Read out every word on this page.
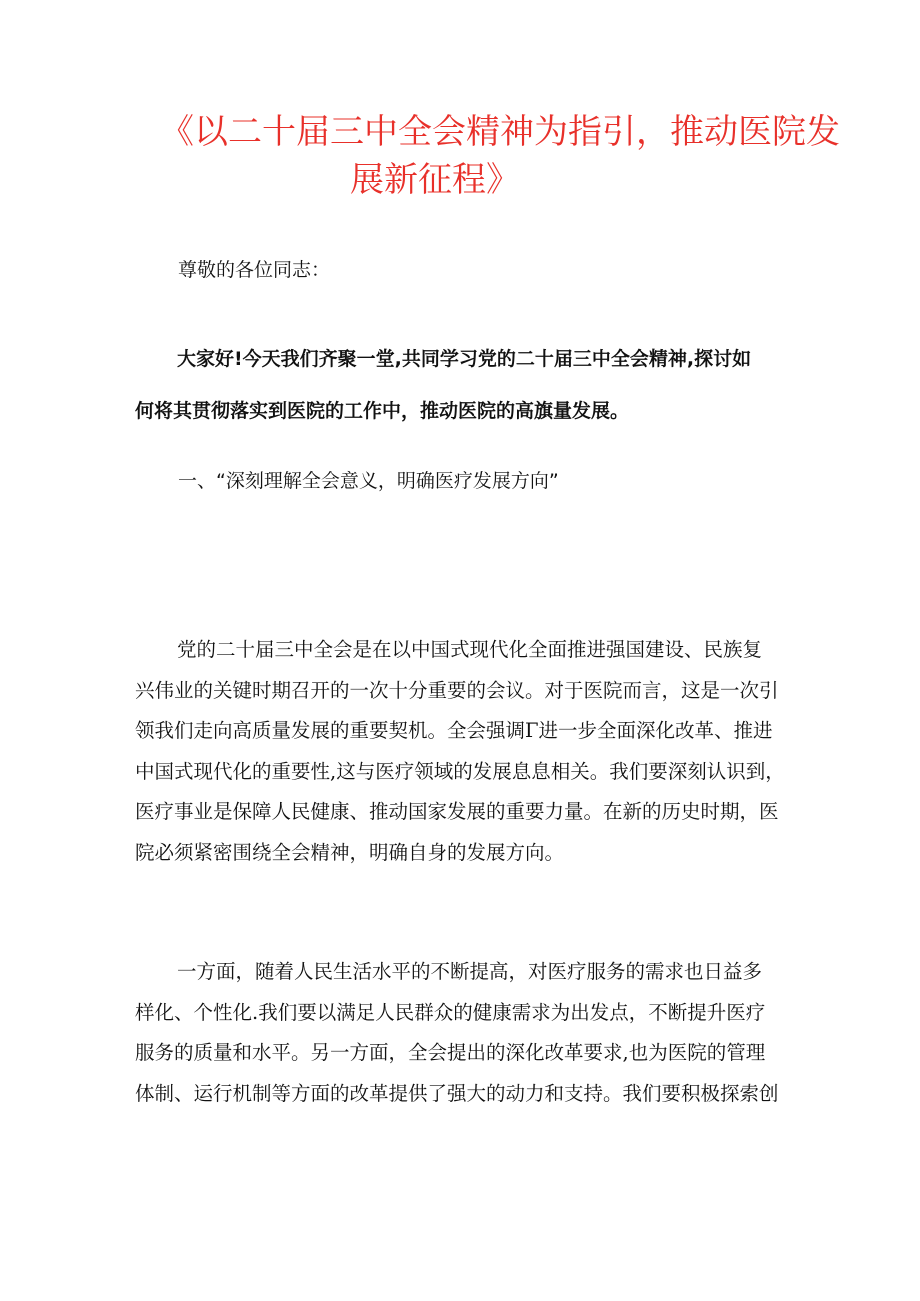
《以二十届三中全会精神为指引，推动医院发
展新征程》
尊敬的各位同志：
大家好!今天我们齐聚一堂,共同学习党的二十届三中全会精神,探讨如
何将其贯彻落实到医院的工作中，推动医院的高旗量发展。
一、“深刻理解全会意义，明确医疗发展方向”
党的二十届三中全会是在以中国式现代化全面推进强国建设、民族复
兴伟业的关键时期召开的一次十分重要的会议。对于医院而言，这是一次引
领我们走向高质量发展的重要契机。全会强调Γ进一步全面深化改革、推进
中国式现代化的重要性,这与医疗领域的发展息息相关。我们要深刻认识到，
医疗事业是保障人民健康、推动国家发展的重要力量。在新的历史时期，医
院必须紧密围绕全会精神，明确自身的发展方向。
一方面，随着人民生活水平的不断提高，对医疗服务的需求也日益多
样化、个性化.我们要以满足人民群众的健康需求为出发点，不断提升医疗
服务的质量和水平。另一方面，全会提出的深化改革要求,也为医院的管理
体制、运行机制等方面的改革提供了强大的动力和支持。我们要积极探索创
